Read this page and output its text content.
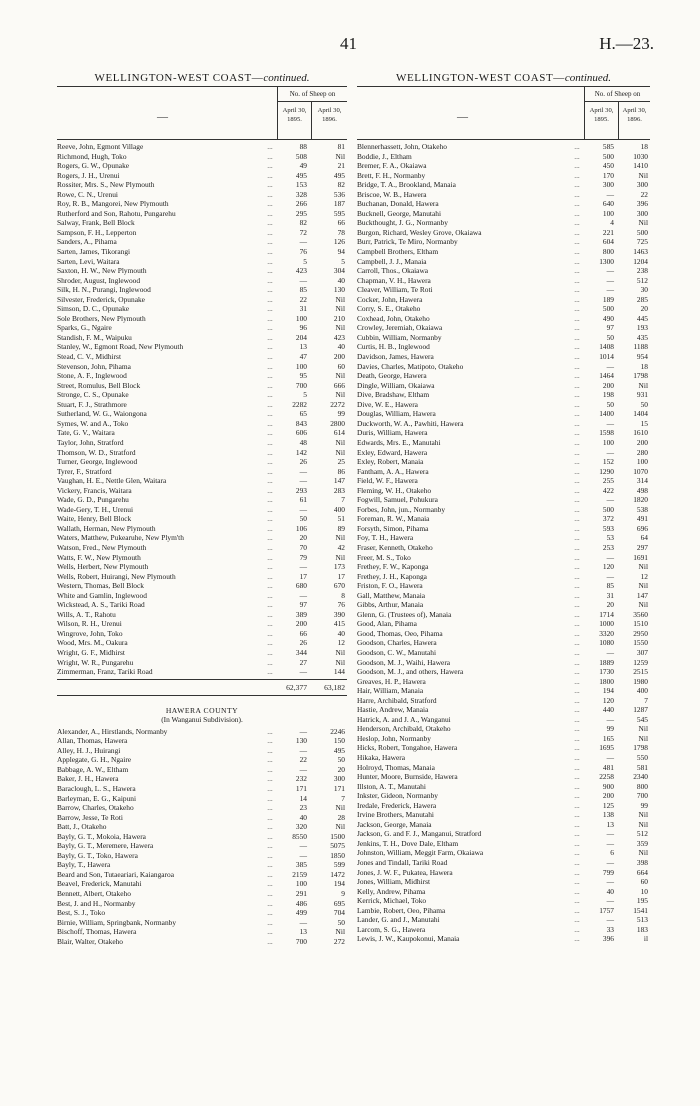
41	H.—23.
WELLINGTON-WEST COAST—continued.
—
No. of Sheep on
April 30, 1895.
April 30, 1896.
Reeve, John, Egmont Village	...	88	81
Richmond, Hugh, Toko	...	508	Nil
Rogers, G. W., Opunake	...	49	21
Rogers, J. H., Urenui	...	495	495
Rossiter, Mrs. S., New Plymouth	...	153	82
Rowe, C. N., Urenui	...	328	536
Roy, R. B., Mangorei, New Plymouth	...	266	187
Rutherford and Son, Rahotu, Pungarehu	...	295	595
Salway, Frank, Bell Block	...	82	66
Sampson, F. H., Lepperton	...	72	78
Sanders, A., Pihama	...	—	126
Sarten, James, Tikorangi	...	76	94
Sarten, Levi, Waitara	...	5	5
Saxton, H. W., New Plymouth	...	423	304
Shroder, August, Inglewood	...	—	40
Silk, H. N., Purangi, Inglewood	...	85	130
Silvester, Frederick, Opunake	...	22	Nil
Simson, D. C., Opunake	...	31	Nil
Sole Brothers, New Plymouth	...	100	210
Sparks, G., Ngaire	...	96	Nil
Standish, F. M., Waipuku	...	204	423
Stanley, W., Egmont Road, New Plymouth	...	13	40
Stead, C. V., Midhirst	...	47	200
Stevenson, John, Pihama	...	100	60
Stone, A. F., Inglewood	...	95	Nil
Street, Romulus, Bell Block	...	700	666
Stronge, C. S., Opunake	...	5	Nil
Stuart, F. J., Strathmore	...	2282	2272
Sutherland, W. G., Waiongona	...	65	99
Symes, W. and A., Toko	...	843	2800
Tate, G. V., Waitara	...	606	614
Taylor, John, Stratford	...	48	Nil
Thomson, W. D., Stratford	...	142	Nil
Turner, George, Inglewood	...	26	25
Tyrer, F., Stratford	...	—	86
Vaughan, H. E., Nettle Glen, Waitara	...	—	147
Vickery, Francis, Waitara	...	293	283
Wade, G. D., Pungarehu	...	61	7
Wade-Gery, T. H., Urenui	...	—	400
Waite, Henry, Bell Block	...	50	51
Wallath, Herman, New Plymouth	...	106	89
Waters, Matthew, Pukearuhe, New Plym'th	...	20	Nil
Watson, Fred., New Plymouth	...	70	42
Watts, F. W., New Plymouth	...	79	Nil
Wells, Herbert, New Plymouth	...	—	173
Wells, Robert, Huirangi, New Plymouth	...	17	17
Western, Thomas, Bell Block	...	680	670
White and Gamlin, Inglewood	...	—	8
Wickstead, A. S., Tariki Road	...	97	76
Wills, A. T., Rahotu	...	389	390
Wilson, R. H., Urenui	...	200	415
Wingrove, John, Toko	...	66	40
Wood, Mrs. M., Oakura	...	26	12
Wright, G. F., Midhirst	...	344	Nil
Wright, W. R., Pungarehu	...	27	Nil
Zimmerman, Franz, Tariki Road	...	—	144
62,377	63,182
HAWERA COUNTY
(In Wanganui Subdivision).
Alexander, A., Hirstlands, Normanby	...	—	2246
Allan, Thomas, Hawera	...	130	150
Alley, H. J., Huirangi	...	—	495
Applegate, G. H., Ngaire	...	22	50
Babbage, A. W., Eltham	...	—	20
Baker, J. H., Hawera	...	232	300
Baraclough, L. S., Hawera	...	171	171
Barleyman, E. G., Kaipuni	...	14	7
Barrow, Charles, Otakeho	...	23	Nil
Barrow, Jesse, Te Roti	...	40	28
Batt, J., Otakeho	...	320	Nil
Bayly, G. T., Mokoia, Hawera	...	8550	1500
Bayly, G. T., Meremere, Hawera	...	—	5075
Bayly, G. T., Toko, Hawera	...	—	1850
Bayly, T., Hawera	...	385	599
Beard and Son, Tutaeariari, Kaiangaroa	...	2159	1472
Beavel, Frederick, Manutahi	...	100	194
Bennett, Albert, Otakeho	...	291	9
Best, J. and H., Normanby	...	486	695
Best, S. J., Toko	...	499	704
Birnie, William, Springbank, Normanby	...	—	50
Bischoff, Thomas, Hawera	...	13	Nil
Blair, Walter, Otakeho	...	700	272
WELLINGTON-WEST COAST—continued.
—
No. of Sheep on
April 30, 1895.
April 30, 1896.
Blennerhassett, John, Otakeho	...	585	18
Boddie, J., Eltham	...	500	1030
Bremer, F. A., Okaiawa	...	450	1410
Brett, F. H., Normanby	...	170	Nil
Bridge, T. A., Brookland, Manaia	...	300	300
Briscoe, W. B., Hawera	...	—	22
Buchanan, Donald, Hawera	...	640	396
Bucknell, George, Manutahi	...	100	300
Buckthought, J. G., Normanby	...	4	Nil
Burgon, Richard, Wesley Grove, Okaiawa	...	221	500
Burr, Patrick, Te Miro, Normanby	...	604	725
Campbell Brothers, Eltham	...	800	1463
Campbell, J. J., Manaia	...	1300	1204
Carroll, Thos., Okaiawa	...	—	238
Chapman, V. H., Hawera	...	—	512
Cleaver, William, Te Roti	...	—	30
Cocker, John, Hawera	...	189	285
Corry, S. E., Otakeho	...	500	20
Coxhead, John, Otakeho	...	490	445
Crowley, Jeremiah, Okaiawa	...	97	193
Cubbin, William, Normanby	...	50	435
Curtis, H. B., Inglewood	...	1408	1188
Davidson, James, Hawera	...	1014	954
Davies, Charles, Matipoto, Otakeho	...	—	18
Death, George, Hawera	...	1464	1798
Dingle, William, Okaiawa	...	200	Nil
Dive, Bradshaw, Eltham	...	198	931
Dive, W. E., Hawera	...	50	50
Douglas, William, Hawera	...	1400	1404
Duckworth, W. A., Pawhiti, Hawera	...	—	15
Duris, William, Hawera	...	1598	1610
Edwards, Mrs. E., Manutahi	...	100	200
Exley, Edward, Hawera	...	—	280
Exley, Robert, Manaia	...	152	100
Fantham, A. A., Hawera	...	1290	1070
Field, W. F., Hawera	...	255	314
Fleming, W. H., Otakeho	...	422	498
Fogwill, Samuel, Pohukura	...	—	1820
Forbes, John, jun., Normanby	...	500	538
Foreman, R. W., Manaia	...	372	491
Forsyth, Simon, Pihama	...	593	696
Foy, T. H., Hawera	...	53	64
Fraser, Kenneth, Otakeho	...	253	297
Freer, M. S., Toko	...	—	1691
Frethey, F. W., Kaponga	...	120	Nil
Frethey, J. H., Kaponga	...	—	12
Friston, F. O., Hawera	...	85	Nil
Gall, Matthew, Manaia	...	31	147
Gibbs, Arthur, Manaia	...	20	Nil
Glenn, G. (Trustees of), Manaia	...	1714	3560
Good, Alan, Pihama	...	1000	1510
Good, Thomas, Oeo, Pihama	...	3320	2950
Goodson, Charles, Hawera	...	1080	1550
Goodson, C. W., Manutahi	...	—	307
Goodson, M. J., Waihi, Hawera	...	1889	1259
Goodson, M. J., and others, Hawera	...	1730	2515
Greaves, H. P., Hawera	...	1800	1980
Hair, William, Manaia	...	194	400
Harre, Archibald, Stratford	...	120	7
Hastie, Andrew, Manaia	...	440	1287
Hatrick, A. and J. A., Wanganui	...	—	545
Henderson, Archibald, Otakeho	...	99	Nil
Heslop, John, Normanby	...	165	Nil
Hicks, Robert, Tongahoe, Hawera	...	1695	1798
Hikaka, Hawera	...	—	550
Holroyd, Thomas, Manaia	...	481	581
Hunter, Moore, Burnside, Hawera	...	2258	2340
Illston, A. T., Manutahi	...	900	800
Inkster, Gideon, Normanby	...	200	700
Iredale, Frederick, Hawera	...	125	99
Irvine Brothers, Manutahi	...	138	Nil
Jackson, George, Manaia	...	13	Nil
Jackson, G. and F. J., Manganui, Stratford	...	—	512
Jenkins, T. H., Dove Dale, Eltham	...	—	359
Johnston, William, Meggit Farm, Okaiawa	...	6	Nil
Jones and Tindall, Tariki Road	...	—	398
Jones, J. W. F., Pukatea, Hawera	...	799	664
Jones, William, Midhirst	...	—	60
Kelly, Andrew, Pihama	...	40	10
Kerrick, Michael, Toko	...	—	195
Lambie, Robert, Oeo, Pihama	...	1757	1541
Lander, G. and J., Manutahi	...	—	513
Larcom, S. G., Hawera	...	33	183
Lewis, J. W., Kaupokonui, Manaia	...	396	il
